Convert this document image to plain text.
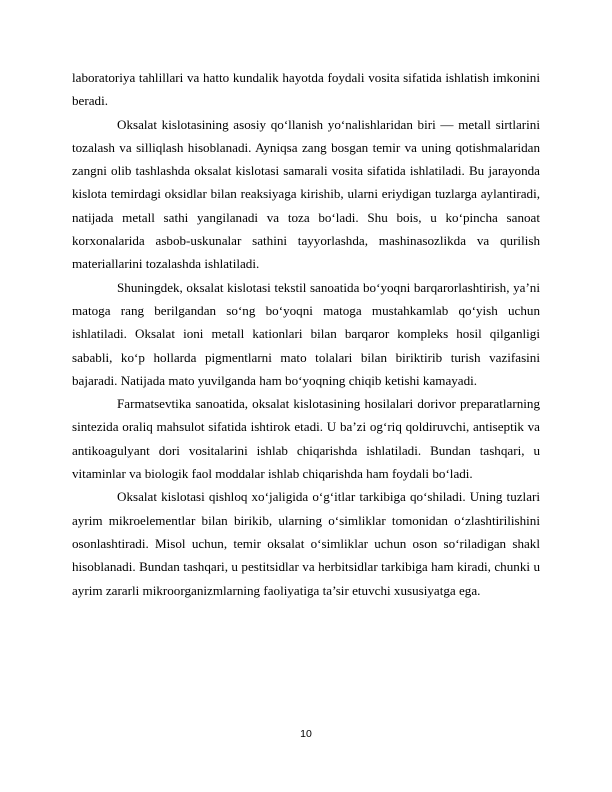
laboratoriya tahlillari va hatto kundalik hayotda foydali vosita sifatida ishlatish imkonini beradi.

Oksalat kislotasining asosiy qo‘llanish yo‘nalishlaridan biri — metall sirtlarini tozalash va silliqlash hisoblanadi. Ayniqsa zang bosgan temir va uning qotishmalaridan zangni olib tashlashda oksalat kislotasi samarali vosita sifatida ishlatiladi. Bu jarayonda kislota temirdagi oksidlar bilan reaksiyaga kirishib, ularni eriydigan tuzlarga aylantiradi, natijada metall sathi yangilanadi va toza bo‘ladi. Shu bois, u ko‘pincha sanoat korxonalarida asbob-uskunalar sathini tayyorlashda, mashinasozlikda va qurilish materiallarini tozalashda ishlatiladi.

Shuningdek, oksalat kislotasi tekstil sanoatida bo‘yoqni barqarorlashtirish, ya’ni matoga rang berilgandan so‘ng bo‘yoqni matoga mustahkamlab qo‘yish uchun ishlatiladi. Oksalat ioni metall kationlari bilan barqaror kompleks hosil qilganligi sababli, ko‘p hollarda pigmentlarni mato tolalari bilan biriktirib turish vazifasini bajaradi. Natijada mato yuvilganda ham bo‘yoqning chiqib ketishi kamayadi.

Farmatsevtika sanoatida, oksalat kislotasining hosilalari dorivor preparatlarning sintezida oraliq mahsulot sifatida ishtirok etadi. U ba’zi og‘riq qoldiruvchi, antiseptik va antikoagulyant dori vositalarini ishlab chiqarishda ishlatiladi. Bundan tashqari, u vitaminlar va biologik faol moddalar ishlab chiqarishda ham foydali bo‘ladi.

Oksalat kislotasi qishloq xo‘jaligida o‘g‘itlar tarkibiga qo‘shiladi. Uning tuzlari ayrim mikroelementlar bilan birikib, ularning o‘simliklar tomonidan o‘zlashtirilishini osonlashtiradi. Misol uchun, temir oksalat o‘simliklar uchun oson so‘riladigan shakl hisoblanadi. Bundan tashqari, u pestitsidlar va herbitsidlar tarkibiga ham kiradi, chunki u ayrim zararli mikroorganizmlarning faoliyatiga ta’sir etuvchi xususiyatga ega.

10
